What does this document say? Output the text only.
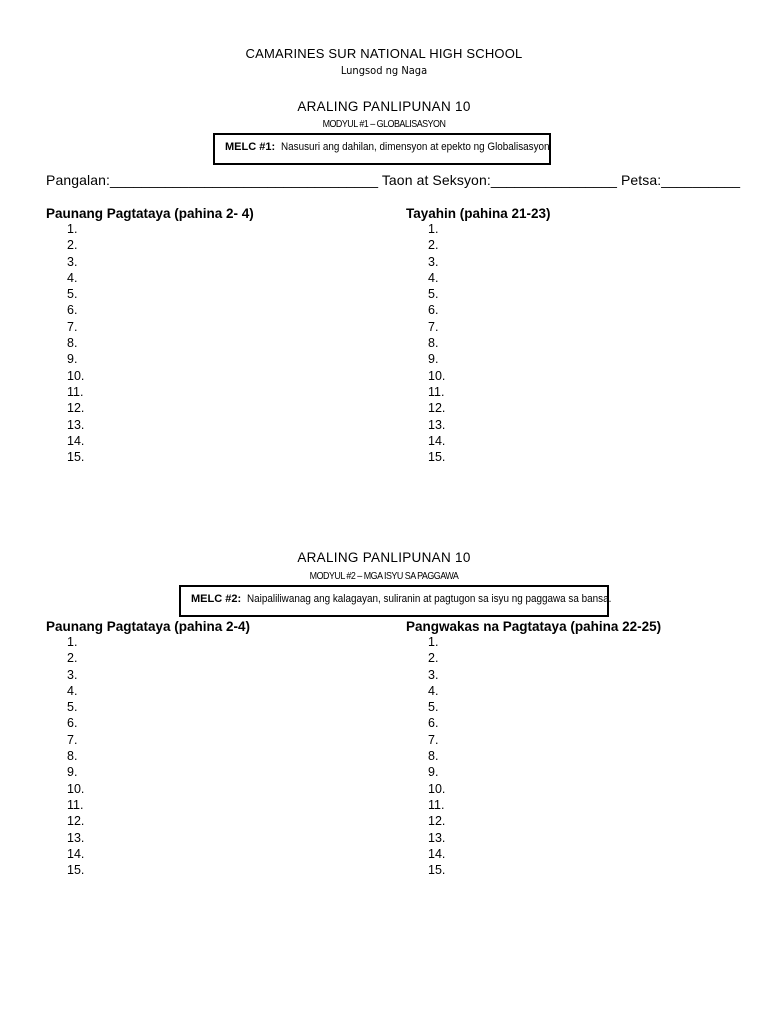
CAMARINES SUR NATIONAL HIGH SCHOOL
Lungsod ng Naga
ARALING PANLIPUNAN 10
MODYUL #1 – GLOBALISASYON
MELC #1: Nasusuri ang dahilan, dimensyon at epekto ng Globalisasyon
Pangalan:__________________________________ Taon at Seksyon:________________ Petsa:__________
Paunang Pagtataya (pahina 2- 4)	Tayahin (pahina 21-23)
1.
2.
3.
4.
5.
6.
7.
8.
9.
10.
11.
12.
13.
14.
15.
1.
2.
3.
4.
5.
6.
7.
8.
9.
10.
11.
12.
13.
14.
15.
ARALING PANLIPUNAN 10
MODYUL #2 – MGA ISYU SA PAGGAWA
MELC #2: Naipaliliwanag ang kalagayan, suliranin at pagtugon sa isyu ng paggawa sa bansa.
Paunang Pagtataya (pahina 2-4)	Pangwakas na Pagtataya (pahina 22-25)
1.
2.
3.
4.
5.
6.
7.
8.
9.
10.
11.
12.
13.
14.
15.
1.
2.
3.
4.
5.
6.
7.
8.
9.
10.
11.
12.
13.
14.
15.
